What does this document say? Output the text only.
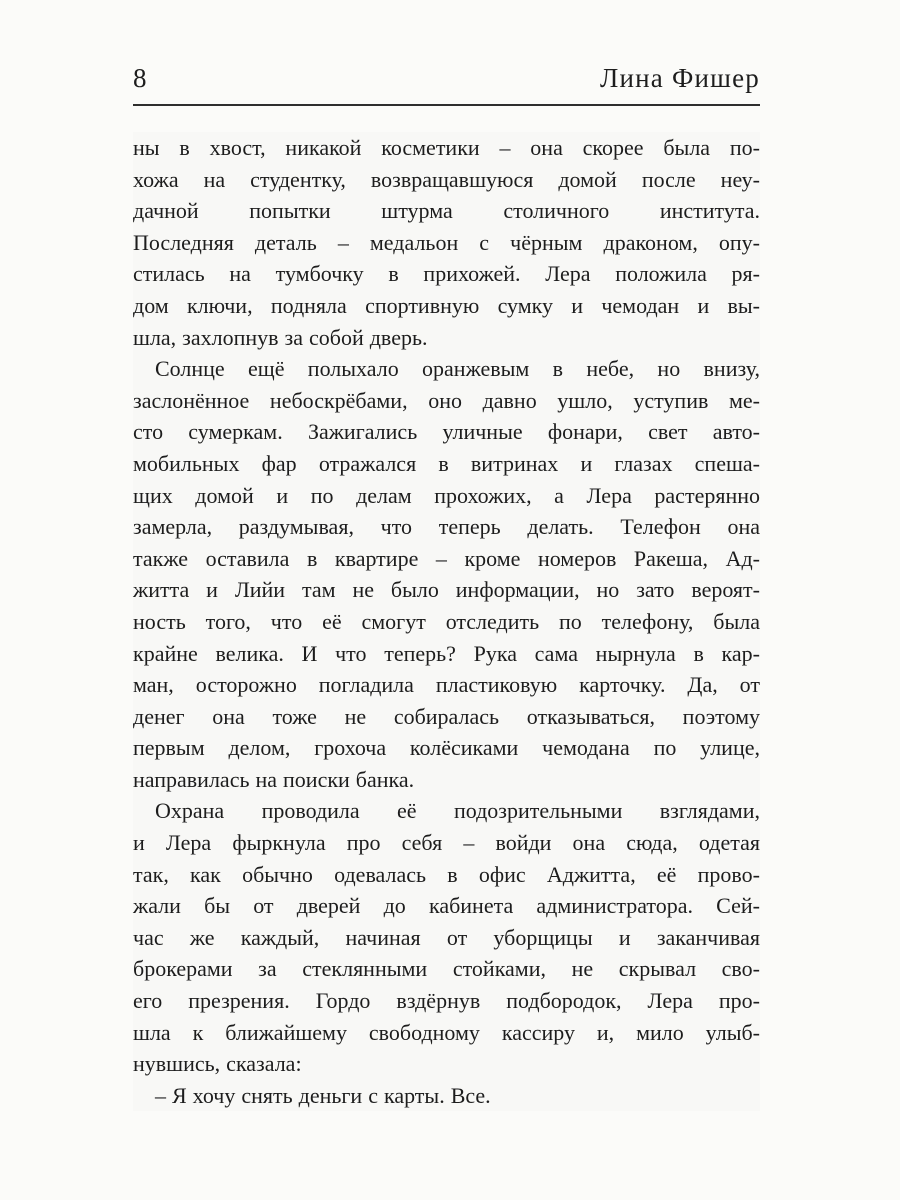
8	Лина Фишер
ны в хвост, никакой косметики – она скорее была по-
хожа на студентку, возвращавшуюся домой после неу-
дачной попытки штурма столичного института.
Последняя деталь – медальон с чёрным драконом, опу-
стилась на тумбочку в прихожей. Лера положила ря-
дом ключи, подняла спортивную сумку и чемодан и вы-
шла, захлопнув за собой дверь.
Солнце ещё полыхало оранжевым в небе, но внизу,
заслонённое небоскрёбами, оно давно ушло, уступив ме-
сто сумеркам. Зажигались уличные фонари, свет авто-
мобильных фар отражался в витринах и глазах спеша-
щих домой и по делам прохожих, а Лера растерянно
замерла, раздумывая, что теперь делать. Телефон она
также оставила в квартире – кроме номеров Ракеша, Ад-
житта и Лийи там не было информации, но зато вероят-
ность того, что её смогут отследить по телефону, была
крайне велика. И что теперь? Рука сама нырнула в кар-
ман, осторожно погладила пластиковую карточку. Да, от
денег она тоже не собиралась отказываться, поэтому
первым делом, грохоча колёсиками чемодана по улице,
направилась на поиски банка.
Охрана проводила её подозрительными взглядами,
и Лера фыркнула про себя – войди она сюда, одетая
так, как обычно одевалась в офис Аджитта, её прово-
жали бы от дверей до кабинета администратора. Сей-
час же каждый, начиная от уборщицы и заканчивая
брокерами за стеклянными стойками, не скрывал сво-
его презрения. Гордо вздёрнув подбородок, Лера про-
шла к ближайшему свободному кассиру и, мило улыб-
нувшись, сказала:
– Я хочу снять деньги с карты. Все.
